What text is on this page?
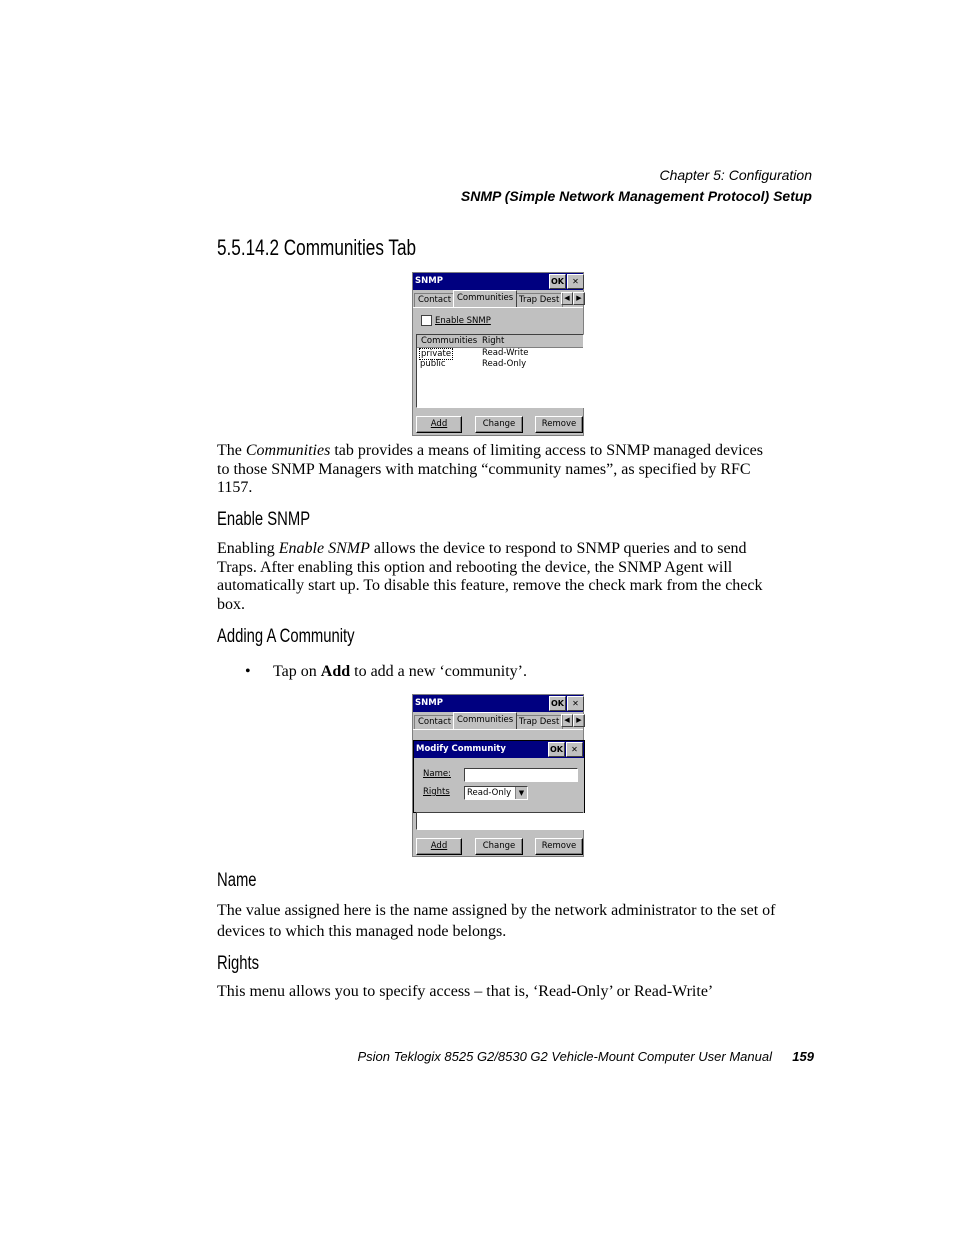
Chapter 5: Configuration
SNMP (Simple Network Management Protocol) Setup
5.5.14.2 Communities Tab
SNMP	OK	✕
Contact Communities Trap Dest ◀ ▶
Enable SNMP
Communities Right
private	Read-Write
public	Read-Only
Add	Change	Remove

The Communities tab provides a means of limiting access to SNMP managed devices to those SNMP Managers with matching “community names”, as specified by RFC 1157.

Enable SNMP

Enabling Enable SNMP allows the device to respond to SNMP queries and to send Traps. After enabling this option and rebooting the device, the SNMP Agent will automatically start up. To disable this feature, remove the check mark from the check box.

Adding A Community
•	Tap on Add to add a new ‘community’.

SNMP	OK	✕
Contact Communities Trap Dest ◀ ▶
Modify Community	OK	✕
Name:
Rights Read-Only	▼
Add	Change	Remove
Name

The value assigned here is the name assigned by the network administrator to the set of devices to which this managed node belongs.

Rights

This menu allows you to specify access – that is, ‘Read-Only’ or Read-Write’

Psion Teklogix 8525 G2/8530 G2 Vehicle-Mount Computer User Manual 159
